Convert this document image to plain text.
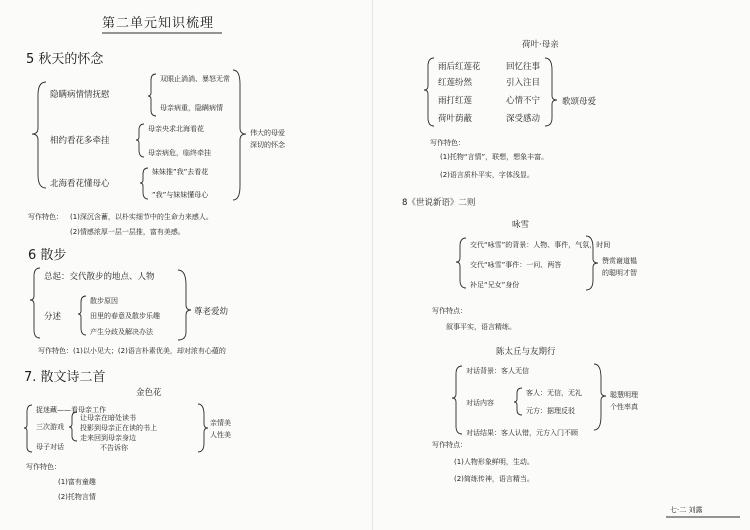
第二单元知识梳理
5 秋天的怀念
隐瞒病情情抚慰
双眼止淌淌、暴怒无常
母亲病重，隐瞒病情
相约看花多牵挂
母亲央求北海看花
母亲病危，临终牵挂
北海看花懂母心
妹妹推”我”去看花
”我”与妹妹懂母心
伟大的母爱
深切的怀念
写作特色： (1)深沉含蓄，以朴实细节中的生命力来感人。
(2)情感浓厚一层一层推，富有美感。
6 散步
总起：交代散步的地点、人物
分述
散步原因
田里的春意及散步乐趣
产生分歧及解决办法
尊老爱幼
写作特色：(1)以小见大；(2)语言朴素优美，却对浓有心蕴的
7. 散文诗二首
金色花
捉迷藏——看母亲工作
三次游戏
让母亲在暗处读书
投影到母亲正在读的书上
走来回到母亲身边
母子对话	不告诉你
亲情美
人性美
写作特色：
(1)富有童趣
(2)托物言情
荷叶·母亲
雨后红莲花	回忆往事
红莲纷然	引入注目
雨打红莲	心情不宁
荷叶荫蔽	深受感动
歌颂母爱
写作特色：
(1)托物“言情”，联想，想象丰富。
(2)语言质朴平实，字体浅显。
8《世说新语》二则
咏雪
交代“咏雪”的背景：人物、事件，气氛，时间
交代“咏雪”事件：一问、两答
补足“兄女”身份
赞赏谢道韫
的聪明才智
写作特点：
叙事平实，语言精练。
陈太丘与友期行
对话背景：客人无信
对话内容
客人：无信，无礼
元方：据理反驳
对话结果：客人认错，元方入门不顾
聪慧明理
个性率真
写作特点：
(1)人物形象鲜明，生动。
(2)简练传神，语言精当。
七·二 刘露
